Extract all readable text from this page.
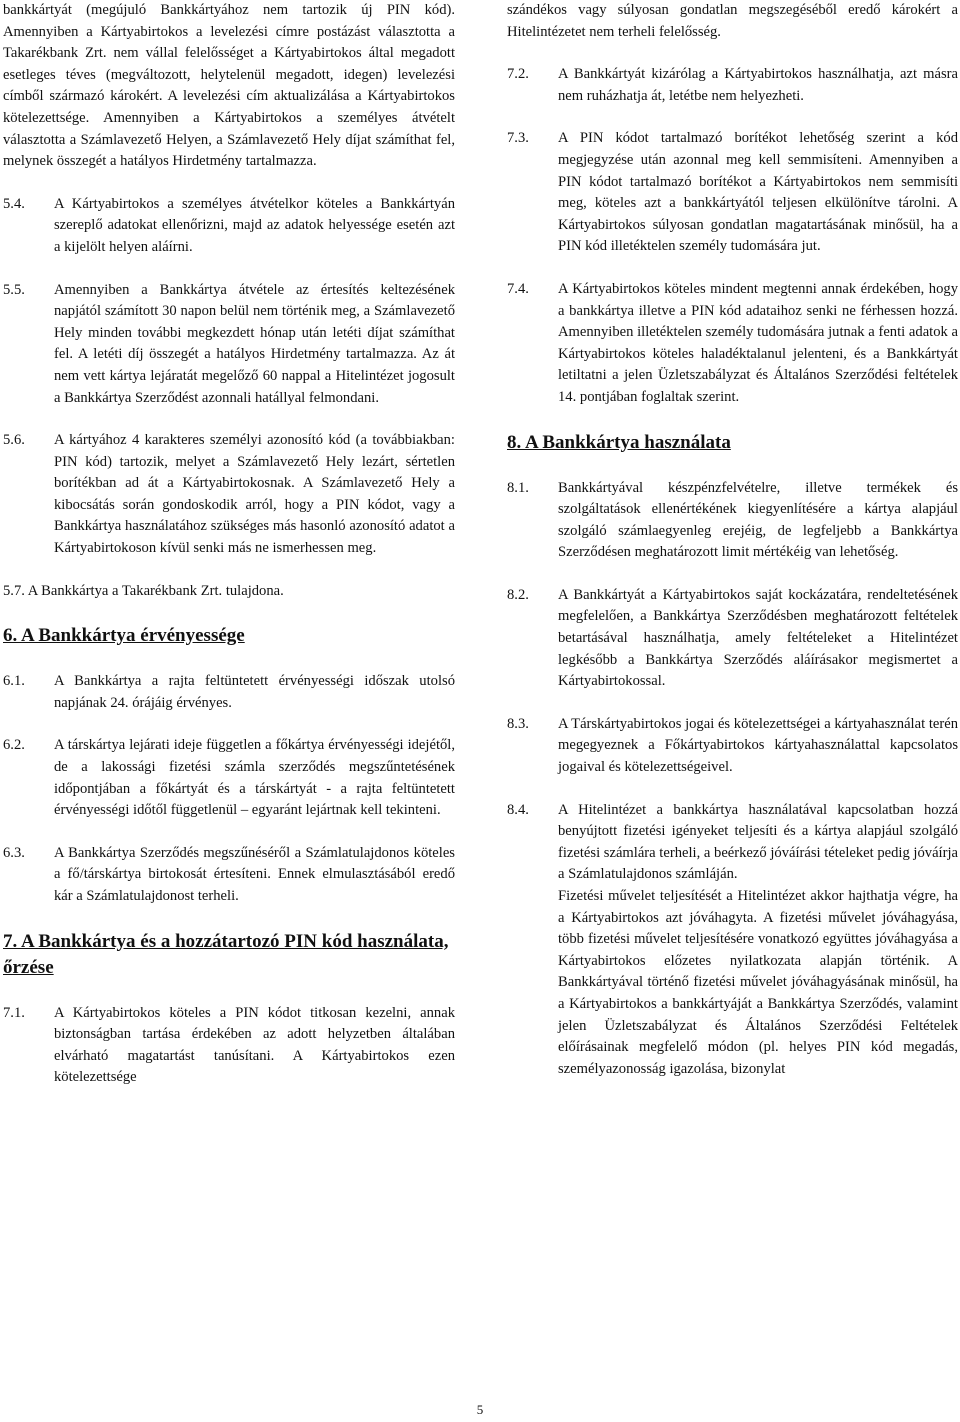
bankkártyát (megújuló Bankkártyához nem tartozik új PIN kód). Amennyiben a Kártyabirtokos a levelezési címre postázást választotta a Takarékbank Zrt. nem vállal felelősséget a Kártyabirtokos által megadott esetleges téves (megváltozott, helytelenül megadott, idegen) levelezési címből származó károkért. A levelezési cím aktualizálása a Kártyabirtokos kötelezettsége. Amennyiben a Kártyabirtokos a személyes átvételt választotta a Számlavezető Helyen, a Számlavezető Hely díjat számíthat fel, melynek összegét a hatályos Hirdetmény tartalmazza.

5.4.	A Kártyabirtokos a személyes átvételkor köteles a Bankkártyán szereplő adatokat ellenőrizni, majd az adatok helyessége esetén azt a kijelölt helyen aláírni.
5.5.	Amennyiben a Bankkártya átvétele az értesítés keltezésének napjától számított 30 napon belül nem történik meg, a Számlavezető Hely minden további megkezdett hónap után letéti díjat számíthat fel. A letéti díj összegét a hatályos Hirdetmény tartalmazza. Az át nem vett kártya lejáratát megelőző 60 nappal a Hitelintézet jogosult a Bankkártya Szerződést azonnali hatállyal felmondani.
5.6.	A kártyához 4 karakteres személyi azonosító kód (a továbbiakban: PIN kód) tartozik, melyet a Számlavezető Hely lezárt, sértetlen borítékban ad át a Kártyabirtokosnak. A Számlavezető Hely a kibocsátás során gondoskodik arról, hogy a PIN kódot, vagy a Bankkártya használatához szükséges más hasonló azonosító adatot a Kártyabirtokoson kívül senki más ne ismerhessen meg.

5.7. A Bankkártya a Takarékbank Zrt. tulajdona.

6. A Bankkártya érvényessége
6.1.	A Bankkártya a rajta feltüntetett érvényességi időszak utolsó napjának 24. órájáig érvényes.
6.2.	A társkártya lejárati ideje független a főkártya érvényességi idejétől, de a lakossági fizetési számla szerződés megszűntetésének időpontjában a főkártyát és a társkártyát - a rajta feltüntetett érvényességi időtől függetlenül – egyaránt lejártnak kell tekinteni.
6.3.	A Bankkártya Szerződés megszűnéséről a Számlatulajdonos köteles a fő/társkártya birtokosát értesíteni. Ennek elmulasztásából eredő kár a Számlatulajdonost terheli.
7. A Bankkártya és a hozzátartozó PIN kód használata, őrzése
7.1.	A Kártyabirtokos köteles a PIN kódot titkosan kezelni, annak biztonságban tartása érdekében az adott helyzetben általában elvárható magatartást tanúsítani. A Kártyabirtokos ezen kötelezettsége

szándékos vagy súlyosan gondatlan megszegéséből eredő károkért a Hitelintézetet nem terheli felelősség.

7.2.	A Bankkártyát kizárólag a Kártyabirtokos használhatja, azt másra nem ruházhatja át, letétbe nem helyezheti.
7.3.	A PIN kódot tartalmazó borítékot lehetőség szerint a kód megjegyzése után azonnal meg kell semmisíteni. Amennyiben a PIN kódot tartalmazó borítékot a Kártyabirtokos nem semmisíti meg, köteles azt a bankkártyától teljesen elkülönítve tárolni. A Kártyabirtokos súlyosan gondatlan magatartásának minősül, ha a PIN kód illetéktelen személy tudomására jut.
7.4.	A Kártyabirtokos köteles mindent megtenni annak érdekében, hogy a bankkártya illetve a PIN kód adataihoz senki ne férhessen hozzá. Amennyiben illetéktelen személy tudomására jutnak a fenti adatok a Kártyabirtokos köteles haladéktalanul jelenteni, és a Bankkártyát letiltatni a jelen Üzletszabályzat és Általános Szerződési feltételek 14. pontjában foglaltak szerint.
8. A Bankkártya használata
8.1.	Bankkártyával készpénzfelvételre, illetve termékek és szolgáltatások ellenértékének kiegyenlítésére a kártya alapjául szolgáló számlaegyenleg erejéig, de legfeljebb a Bankkártya Szerződésen meghatározott limit mértékéig van lehetőség.
8.2.	A Bankkártyát a Kártyabirtokos saját kockázatára, rendeltetésének megfelelően, a Bankkártya Szerződésben meghatározott feltételek betartásával használhatja, amely feltételeket a Hitelintézet legkésőbb a Bankkártya Szerződés aláírásakor megismertet a Kártyabirtokossal.
8.3.	A Társkártyabirtokos jogai és kötelezettségei a kártyahasználat terén megegyeznek a Főkártyabirtokos kártyahasználattal kapcsolatos jogaival és kötelezettségeivel.
8.4.	A Hitelintézet a bankkártya használatával kapcsolatban hozzá benyújtott fizetési igényeket teljesíti és a kártya alapjául szolgáló fizetési számlára terheli, a beérkező jóváírási tételeket pedig jóváírja a Számlatulajdonos számláján.

Fizetési művelet teljesítését a Hitelintézet akkor hajthatja végre, ha a Kártyabirtokos azt jóváhagyta. A fizetési művelet jóváhagyása, több fizetési művelet teljesítésére vonatkozó együttes jóváhagyása a Kártyabirtokos előzetes nyilatkozata alapján történik. A Bankkártyával történő fizetési művelet jóváhagyásának minősül, ha a Kártyabirtokos a bankkártyáját a Bankkártya Szerződés, valamint jelen Üzletszabályzat és Általános Szerződési Feltételek előírásainak megfelelő módon (pl. helyes PIN kód megadás, személyazonosság igazolása, bizonylat

5
